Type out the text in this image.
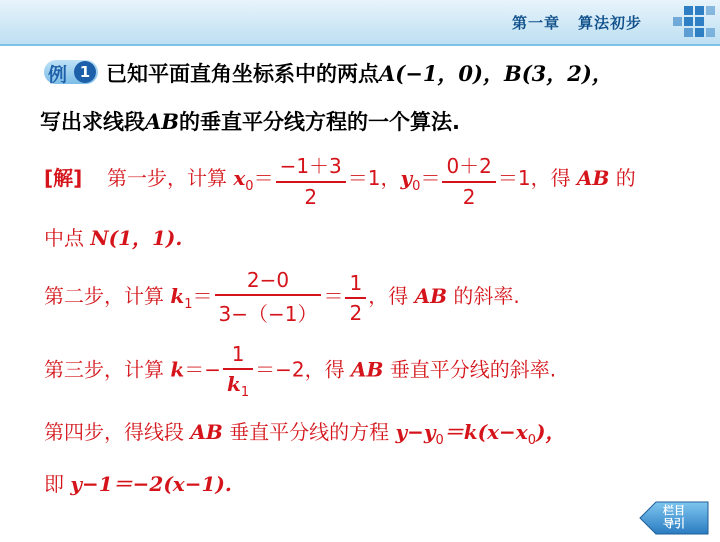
第一章 算法初步
例 1 已知平面直角坐标系中的两点A(−1，0)，B(3，2)，
写出求线段AB的垂直平分线方程的一个算法.
[解] 第一步，计算 $x_0= \frac{-1+3}{2} =1$，$y_0= \frac{0+2}{2} =1$，得 AB 的
中点 N(1，1).
第二步，计算 $k_1= \frac{2-0}{3-(-1)} = \frac{1}{2}$ ，得 AB 的斜率.
第三步，计算 $k=- \frac{1}{k_1} =-2$，得 AB 垂直平分线的斜率.
第四步，得线段 AB 垂直平分线的方程 $y-y_0=k(x-x_0)$，
即 y−1＝−2(x−1).
栏目
导引
